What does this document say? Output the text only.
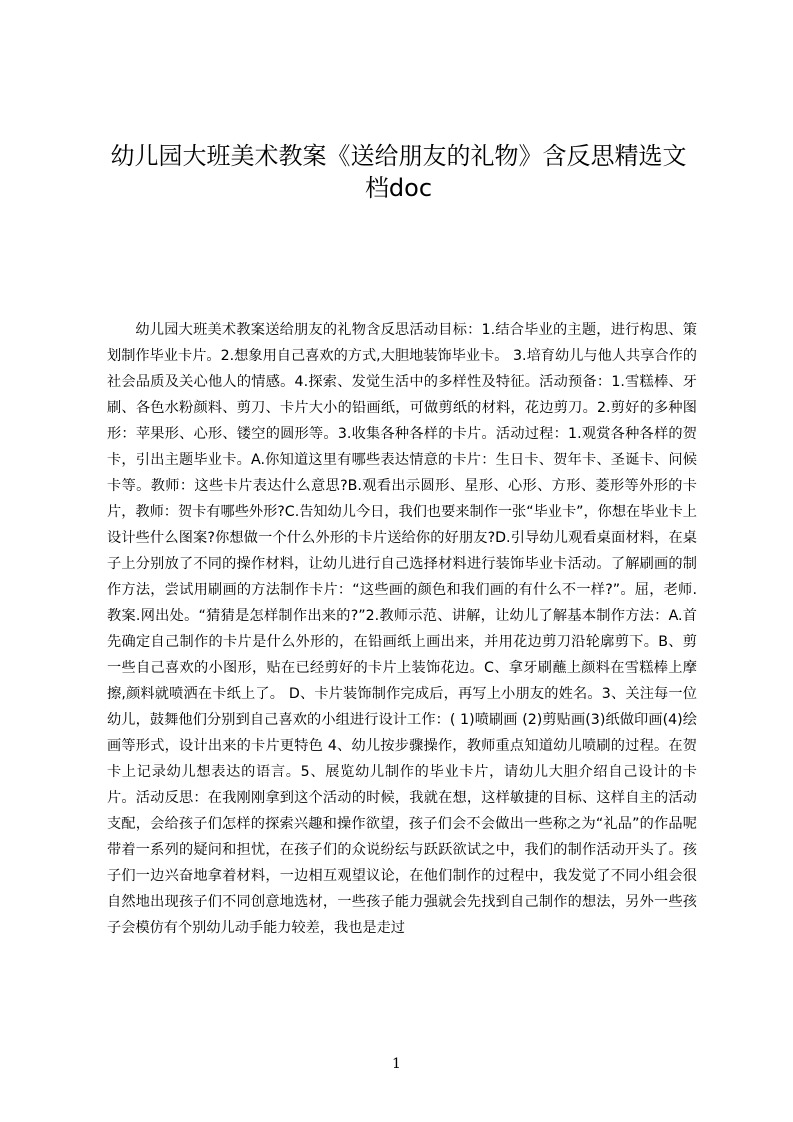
幼儿园大班美术教案《送给朋友的礼物》含反思精选文档doc

幼儿园大班美术教案送给朋友的礼物含反思活动目标：1.结合毕业的主题，进行构思、策划制作毕业卡片。2.想象用自己喜欢的方式,大胆地装饰毕业卡。 3.培育幼儿与他人共享合作的社会品质及关心他人的情感。4.探索、发觉生活中的多样性及特征。活动预备：1.雪糕棒、牙刷、各色水粉颜料、剪刀、卡片大小的铅画纸，可做剪纸的材料，花边剪刀。2.剪好的多种图形：苹果形、心形、镂空的圆形等。3.收集各种各样的卡片。活动过程：1.观赏各种各样的贺卡，引出主题毕业卡。A.你知道这里有哪些表达情意的卡片：生日卡、贺年卡、圣诞卡、问候卡等。教师：这些卡片表达什么意思?B.观看出示圆形、星形、心形、方形、菱形等外形的卡片，教师：贺卡有哪些外形?C.告知幼儿今日，我们也要来制作一张“毕业卡”，你想在毕业卡上设计些什么图案?你想做一个什么外形的卡片送给你的好朋友?D.引导幼儿观看桌面材料，在桌子上分别放了不同的操作材料，让幼儿进行自己选择材料进行装饰毕业卡活动。了解刷画的制作方法，尝试用刷画的方法制作卡片：“这些画的颜色和我们画的有什么不一样?”。屈，老师.教案.网出处。“猜猜是怎样制作出来的?”2.教师示范、讲解，让幼儿了解基本制作方法：A.首先确定自己制作的卡片是什么外形的，在铅画纸上画出来，并用花边剪刀沿轮廓剪下。B、剪一些自己喜欢的小图形，贴在已经剪好的卡片上装饰花边。C、拿牙刷蘸上颜料在雪糕棒上摩擦,颜料就喷洒在卡纸上了。 D、卡片装饰制作完成后，再写上小朋友的姓名。3、关注每一位幼儿，鼓舞他们分别到自己喜欢的小组进行设计工作：( 1)喷刷画 (2)剪贴画(3)纸做印画(4)绘画等形式，设计出来的卡片更特色 4、幼儿按步骤操作，教师重点知道幼儿喷刷的过程。在贺卡上记录幼儿想表达的语言。5、展览幼儿制作的毕业卡片，请幼儿大胆介绍自己设计的卡片。活动反思：在我刚刚拿到这个活动的时候，我就在想，这样敏捷的目标、这样自主的活动支配，会给孩子们怎样的探索兴趣和操作欲望，孩子们会不会做出一些称之为“礼品”的作品呢带着一系列的疑问和担忧，在孩子们的众说纷纭与跃跃欲试之中，我们的制作活动开头了。孩子们一边兴奋地拿着材料，一边相互观望议论，在他们制作的过程中，我发觉了不同小组会很自然地出现孩子们不同创意地选材，一些孩子能力强就会先找到自己制作的想法，另外一些孩子会模仿有个别幼儿动手能力较差，我也是走过

1
